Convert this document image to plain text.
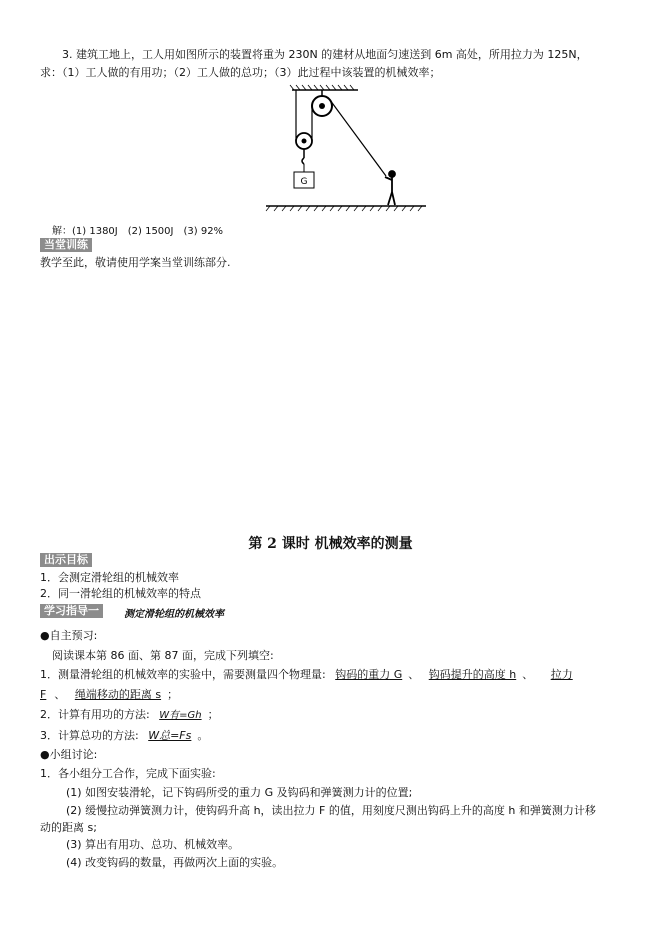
3. 建筑工地上，工人用如图所示的装置将重为 230N 的建材从地面匀速送到 6m 高处，所用拉力为 125N，
求：（1）工人做的有用功；（2）工人做的总功；（3）此过程中该装置的机械效率；
G
解：(1) 1380J　(2) 1500J　(3) 92%
当堂训练
教学至此，敬请使用学案当堂训练部分.
第 2 课时 机械效率的测量
出示目标
1．会测定滑轮组的机械效率
2．同一滑轮组的机械效率的特点
学习指导一	测定滑轮组的机械效率
● 自主预习:
阅读课本第 86 面、第 87 面，完成下列填空:
1．测量滑轮组的机械效率的实验中，需要测量四个物理量: 钩码的重力 G 、 钩码提升的高度 h 、 拉力
F 、 绳端移动的距离 s ；
2．计算有用功的方法: W有=Gh ；
3．计算总功的方法: W总=Fs 。
● 小组讨论:
1．各小组分工合作，完成下面实验:
(1) 如图安装滑轮，记下钩码所受的重力 G 及钩码和弹簧测力计的位置;
(2) 缓慢拉动弹簧测力计，使钩码升高 h，读出拉力 F 的值，用刻度尺测出钩码上升的高度 h 和弹簧测力计移
动的距离 s;
(3) 算出有用功、总功、机械效率。
(4) 改变钩码的数量，再做两次上面的实验。
